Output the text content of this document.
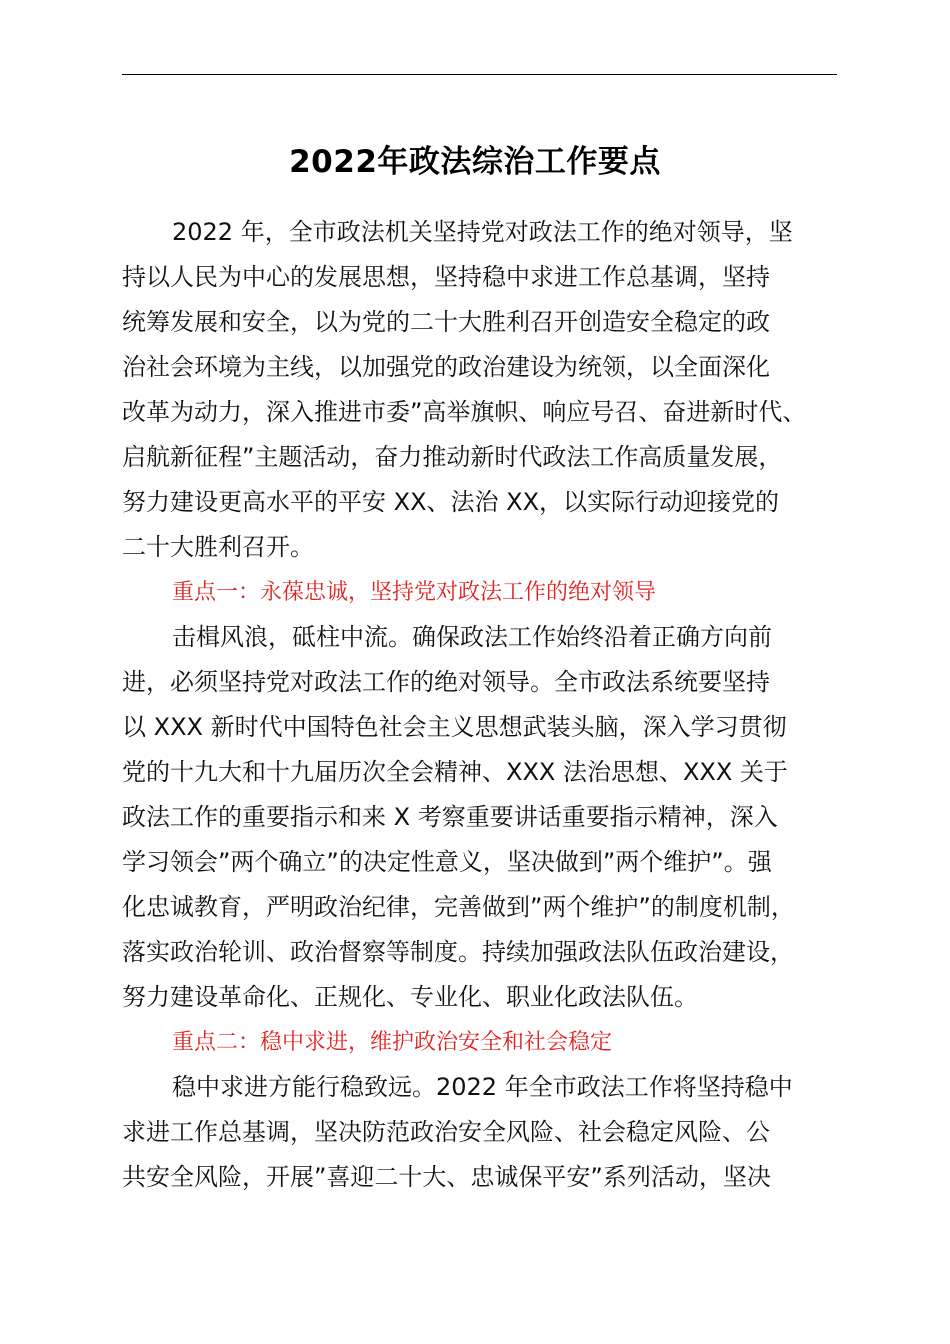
2022年政法综治工作要点
2022 年，全市政法机关坚持党对政法工作的绝对领导，坚
持以人民为中心的发展思想，坚持稳中求进工作总基调，坚持
统筹发展和安全，以为党的二十大胜利召开创造安全稳定的政
治社会环境为主线，以加强党的政治建设为统领，以全面深化
改革为动力，深入推进市委”高举旗帜、响应号召、奋进新时代、
启航新征程”主题活动，奋力推动新时代政法工作高质量发展，
努力建设更高水平的平安 XX、法治 XX，以实际行动迎接党的
二十大胜利召开。
重点一：永葆忠诚，坚持党对政法工作的绝对领导
击楫风浪，砥柱中流。确保政法工作始终沿着正确方向前
进，必须坚持党对政法工作的绝对领导。全市政法系统要坚持
以 XXX 新时代中国特色社会主义思想武装头脑，深入学习贯彻
党的十九大和十九届历次全会精神、XXX 法治思想、XXX 关于
政法工作的重要指示和来 X 考察重要讲话重要指示精神，深入
学习领会”两个确立”的决定性意义，坚决做到”两个维护”。强
化忠诚教育，严明政治纪律，完善做到”两个维护”的制度机制，
落实政治轮训、政治督察等制度。持续加强政法队伍政治建设，
努力建设革命化、正规化、专业化、职业化政法队伍。
重点二：稳中求进，维护政治安全和社会稳定
稳中求进方能行稳致远。2022 年全市政法工作将坚持稳中
求进工作总基调，坚决防范政治安全风险、社会稳定风险、公
共安全风险，开展”喜迎二十大、忠诚保平安”系列活动，坚决
